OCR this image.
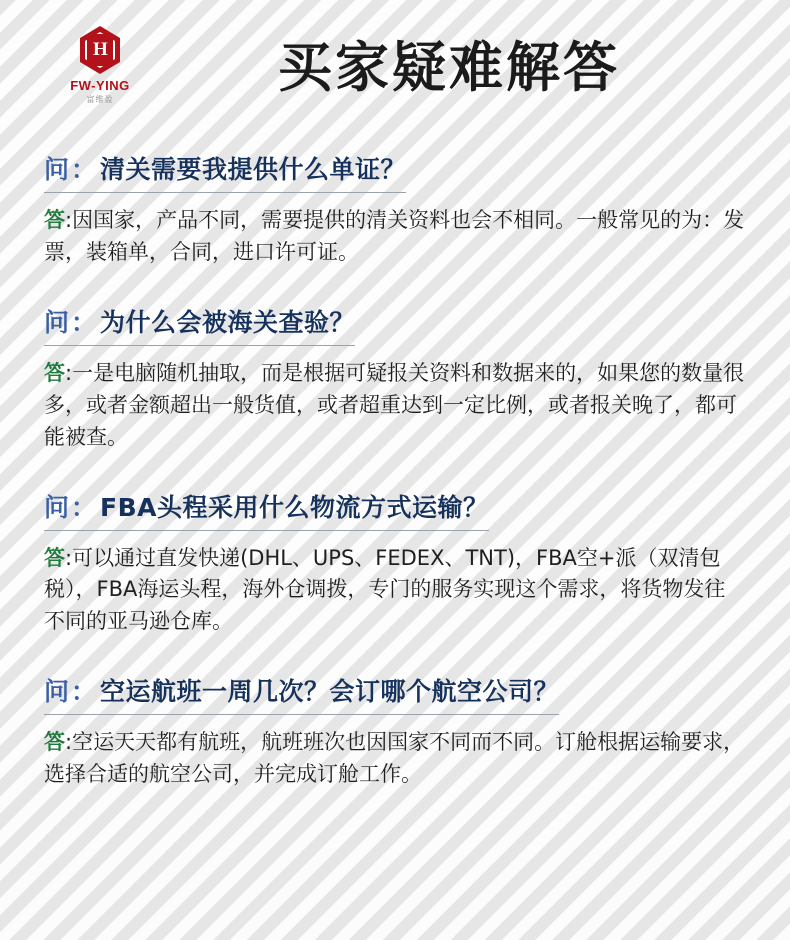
H
FW-YING
富维盈
买家疑难解答
问 ： 清关需要我提供什么单证？
答:因国家，产品不同，需要提供的清关资料也会不相同。一般常见的为：发票，装箱单，合同，进口许可证。
问 ： 为什么会被海关查验？
答:一是电脑随机抽取，而是根据可疑报关资料和数据来的，如果您的数量很多，或者金额超出一般货值，或者超重达到一定比例，或者报关晚了，都可能被查。
问 ： FBA头程采用什么物流方式运输？
答:可以通过直发快递(DHL、UPS、FEDEX、TNT)，FBA空+派（双清包税），FBA海运头程，海外仓调拨，专门的服务实现这个需求，将货物发往不同的亚马逊仓库。
问 ： 空运航班一周几次？会订哪个航空公司？
答:空运天天都有航班，航班班次也因国家不同而不同。订舱根据运输要求，选择合适的航空公司，并完成订舱工作。
